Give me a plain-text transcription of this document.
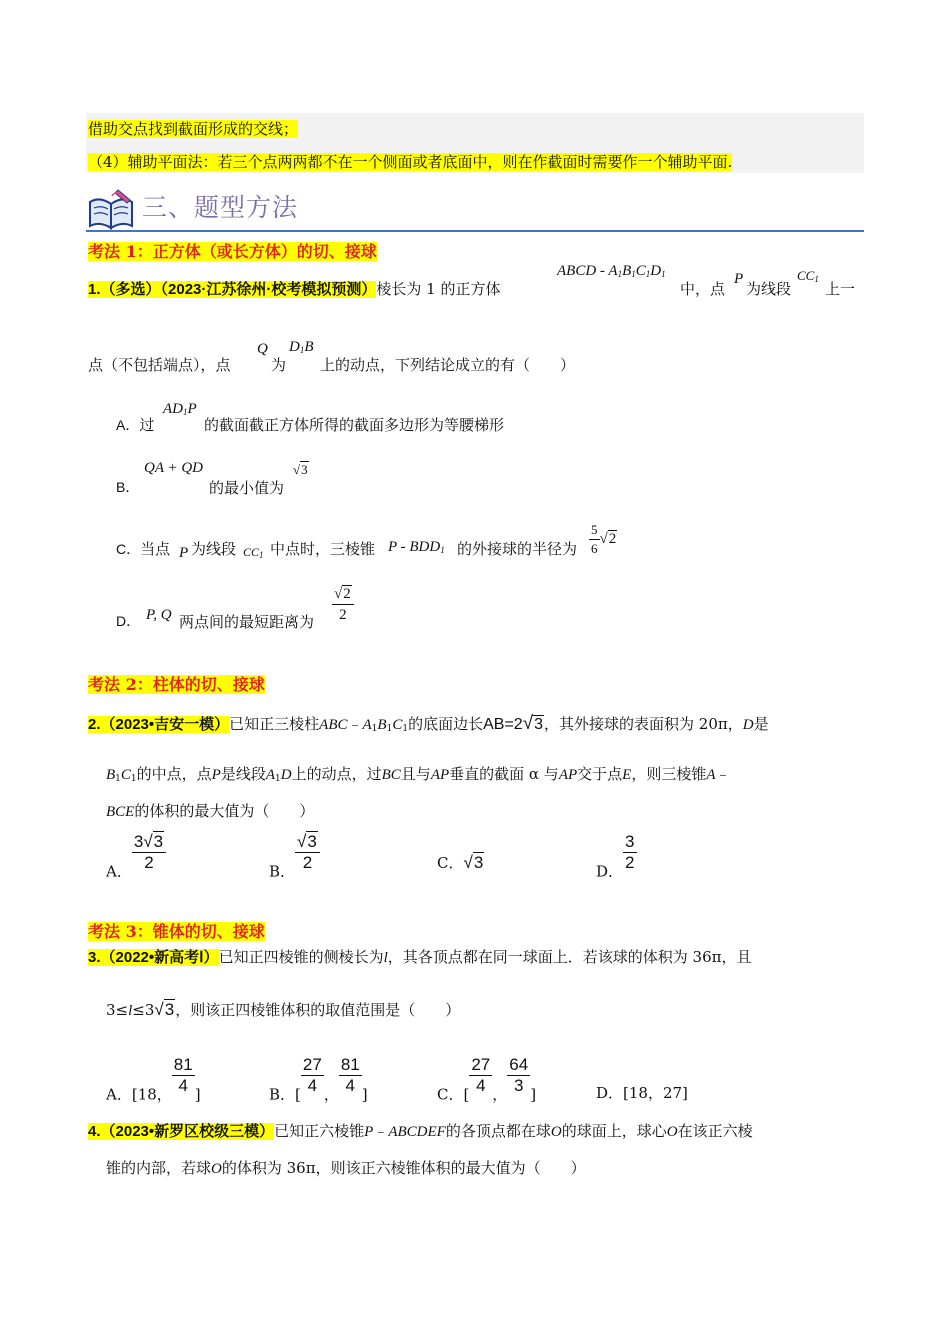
借助交点找到截面形成的交线；
（4）辅助平面法：若三个点两两都不在一个侧面或者底面中，则在作截面时需要作一个辅助平面.
三、题型方法
考法 1：正方体（或长方体）的切、接球
1.（多选）（2023·江苏徐州·校考模拟预测）棱长为 1 的正方体
ABCD - $A_1B_1C_1D_1$
中，点
P
为线段
$CC_1$
上一
点（不包括端点），点
Q
为
$D_1B$
上的动点，下列结论成立的有（　　）
A．过
$AD_1P$
的截面截正方体所得的截面多边形为等腰梯形
B．
QA + QD
的最小值为
√3
C．当点 P 为线段 $CC_1$ 中点时，三棱锥 P - $BDD_1$ 的外接球的半径为 $\frac{5}{6} √2$
D． P, Q 两点间的最短距离为 $\frac{√2}{2}$
考法 2：柱体的切、接球
2.（2023•吉安一模）已知正三棱柱$ABC﹣A_1B_1C_1$的底面边长AB=2√3，其外接球的表面积为 20π，D是
$B_1C_1$的中点，点P是线段$A_1D$上的动点，过BC且与AP垂直的截面 α 与AP交于点E，则三棱锥A﹣
BCE的体积的最大值为（　　）
A． $\frac{3√3}{2}$	B． $\frac{√3}{2}$	C．√3	D． $\frac{3}{2}$
考法 3：锥体的切、接球
3.（2022•新高考Ⅰ）已知正四棱锥的侧棱长为l，其各顶点都在同一球面上．若该球的体积为 36π，且
3≤l≤3√3，则该正四棱锥体积的取值范围是（　　）
A．[18， $\frac{81}{4}$ ]	B．[ $\frac{27}{4}$ ， $\frac{81}{4}$ ]	C．[ $\frac{27}{4}$ ， $\frac{64}{3}$ ]	D．[18，27]
4.（2023•新罗区校级三模）已知正六棱锥P﹣ABCDEF的各顶点都在球O的球面上，球心O在该正六棱
锥的内部，若球O的体积为 36π，则该正六棱锥体积的最大值为（　　）
